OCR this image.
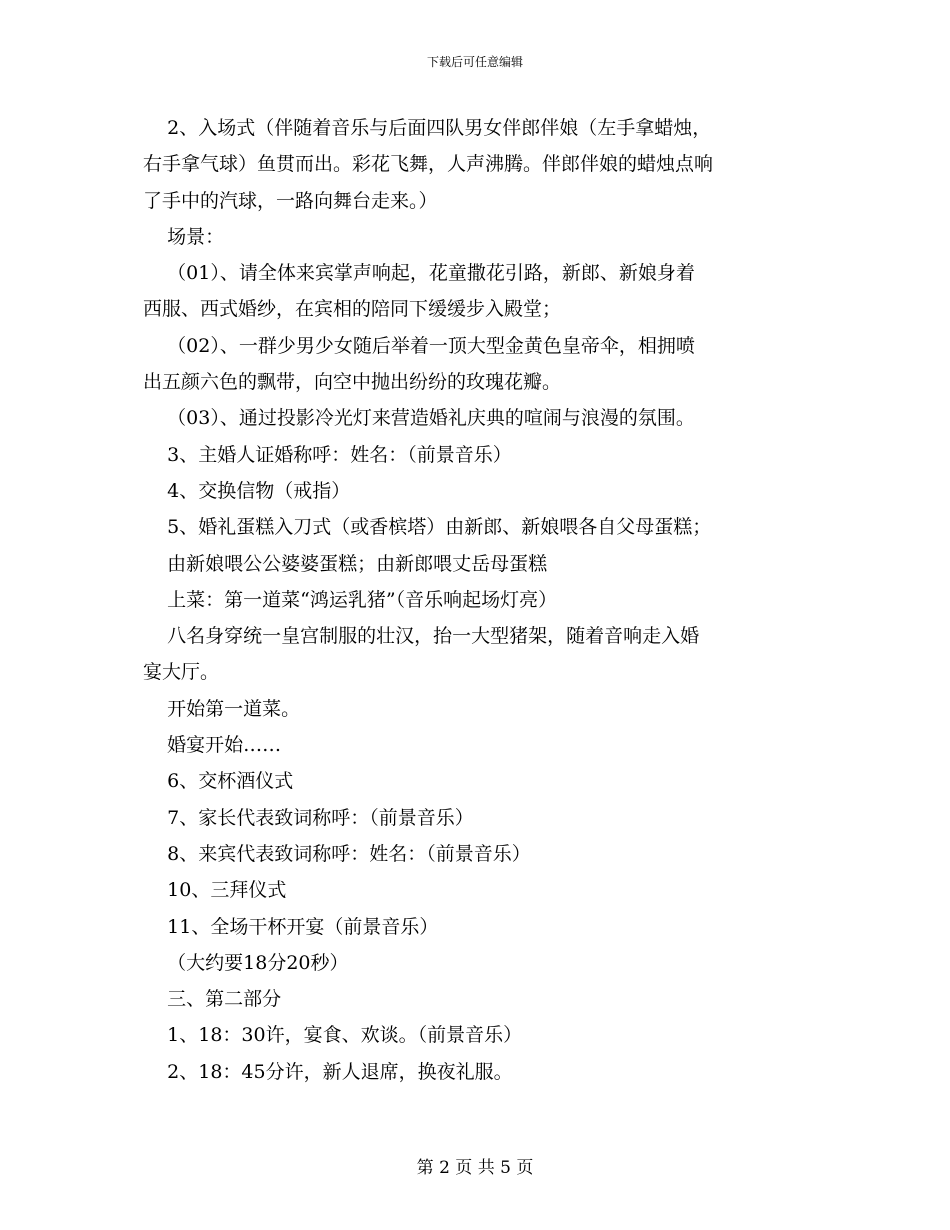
下载后可任意编辑

2、入场式（伴随着音乐与后面四队男女伴郎伴娘（左手拿蜡烛，
右手拿气球）鱼贯而出。彩花飞舞，人声沸腾。伴郎伴娘的蜡烛点响
了手中的汽球，一路向舞台走来。）

场景：

（01）、请全体来宾掌声响起，花童撒花引路，新郎、新娘身着
西服、西式婚纱，在宾相的陪同下缓缓步入殿堂；

（02）、一群少男少女随后举着一顶大型金黄色皇帝伞，相拥喷
出五颜六色的飘带，向空中抛出纷纷的玫瑰花瓣。

（03）、通过投影冷光灯来营造婚礼庆典的喧闹与浪漫的氛围。

3、主婚人证婚称呼：姓名：（前景音乐）

4、交换信物（戒指）

5、婚礼蛋糕入刀式（或香槟塔）由新郎、新娘喂各自父母蛋糕；
由新娘喂公公婆婆蛋糕；由新郎喂丈岳母蛋糕

上菜：第一道菜“鸿运乳猪”（音乐响起场灯亮）

八名身穿统一皇宫制服的壮汉，抬一大型猪架，随着音响走入婚
宴大厅。

开始第一道菜。

婚宴开始……

6、交杯酒仪式

7、家长代表致词称呼：（前景音乐）

8、来宾代表致词称呼：姓名：（前景音乐）

10、三拜仪式

11、全场干杯开宴（前景音乐）

（大约要18分20秒）

三、第二部分

1、18：30许，宴食、欢谈。（前景音乐）

2、18：45分许，新人退席，换夜礼服。

第 2 页 共 5 页
